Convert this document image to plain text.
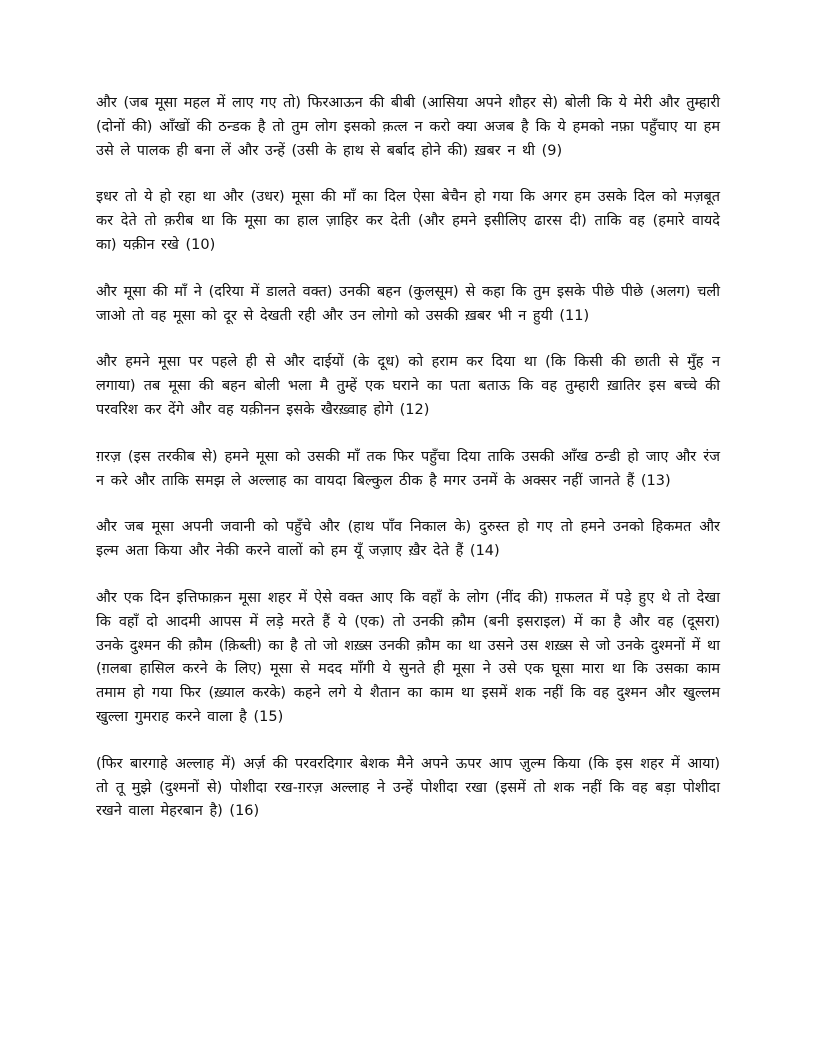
और (जब मूसा महल में लाए गए तो) फिरआऊन की बीबी (आसिया अपने शौहर से) बोली कि ये मेरी और तुम्हारी (दोनों की) आँखों की ठन्डक है तो तुम लोग इसको क़त्ल न करो क्या अजब है कि ये हमको नफ़ा पहुँचाए या हम उसे ले पालक ही बना लें और उन्हें (उसी के हाथ से बर्बाद होने की) ख़बर न थी (9)

इधर तो ये हो रहा था और (उधर) मूसा की माँ का दिल ऐसा बेचैन हो गया कि अगर हम उसके दिल को मज़बूत कर देते तो क़रीब था कि मूसा का हाल ज़ाहिर कर देती (और हमने इसीलिए ढारस दी) ताकि वह (हमारे वायदे का) यक़ीन रखे (10)

और मूसा की माँ ने (दरिया में डालते वक्त) उनकी बहन (कुलसूम) से कहा कि तुम इसके पीछे पीछे (अलग) चली जाओ तो वह मूसा को दूर से देखती रही और उन लोगो को उसकी ख़बर भी न हुयी (11)

और हमने मूसा पर पहले ही से और दाईयों (के दूध) को हराम कर दिया था (कि किसी की छाती से मुँह न लगाया) तब मूसा की बहन बोली भला मै तुम्हें एक घराने का पता बताऊ कि वह तुम्हारी ख़ातिर इस बच्चे की परवरिश कर देंगे और वह यक़ीनन इसके खैरख़्वाह होगे (12)

ग़रज़ (इस तरकीब से) हमने मूसा को उसकी माँ तक फिर पहुँचा दिया ताकि उसकी आँख ठन्डी हो जाए और रंज न करे और ताकि समझ ले अल्लाह का वायदा बिल्कुल ठीक है मगर उनमें के अक्सर नहीं जानते हैं (13)

और जब मूसा अपनी जवानी को पहुँचे और (हाथ पाँव निकाल के) दुरुस्त हो गए तो हमने उनको हिकमत और इल्म अता किया और नेकी करने वालों को हम यूँ जज़ाए ख़ैर देते हैं (14)

और एक दिन इत्तिफाक़न मूसा शहर में ऐसे वक्त आए कि वहाँ के लोग (नींद की) ग़फलत में पड़े हुए थे तो देखा कि वहाँ दो आदमी आपस में लड़े मरते हैं ये (एक) तो उनकी क़ौम (बनी इसराइल) में का है और वह (दूसरा) उनके दुश्मन की क़ौम (क़िब्ती) का है तो जो शख़्स उनकी क़ौम का था उसने उस शख़्स से जो उनके दुश्मनों में था (ग़लबा हासिल करने के लिए) मूसा से मदद माँगी ये सुनते ही मूसा ने उसे एक घूसा मारा था कि उसका काम तमाम हो गया फिर (ख़्याल करके) कहने लगे ये शैतान का काम था इसमें शक नहीं कि वह दुश्मन और खुल्लम खुल्ला गुमराह करने वाला है (15)

(फिर बारगाहे अल्लाह में) अर्ज़ की परवरदिगार बेशक मैने अपने ऊपर आप ज़ुल्म किया (कि इस शहर में आया) तो तू मुझे (दुश्मनों से) पोशीदा रख-ग़रज़ अल्लाह ने उन्हें पोशीदा रखा (इसमें तो शक नहीं कि वह बड़ा पोशीदा रखने वाला मेहरबान है) (16)
